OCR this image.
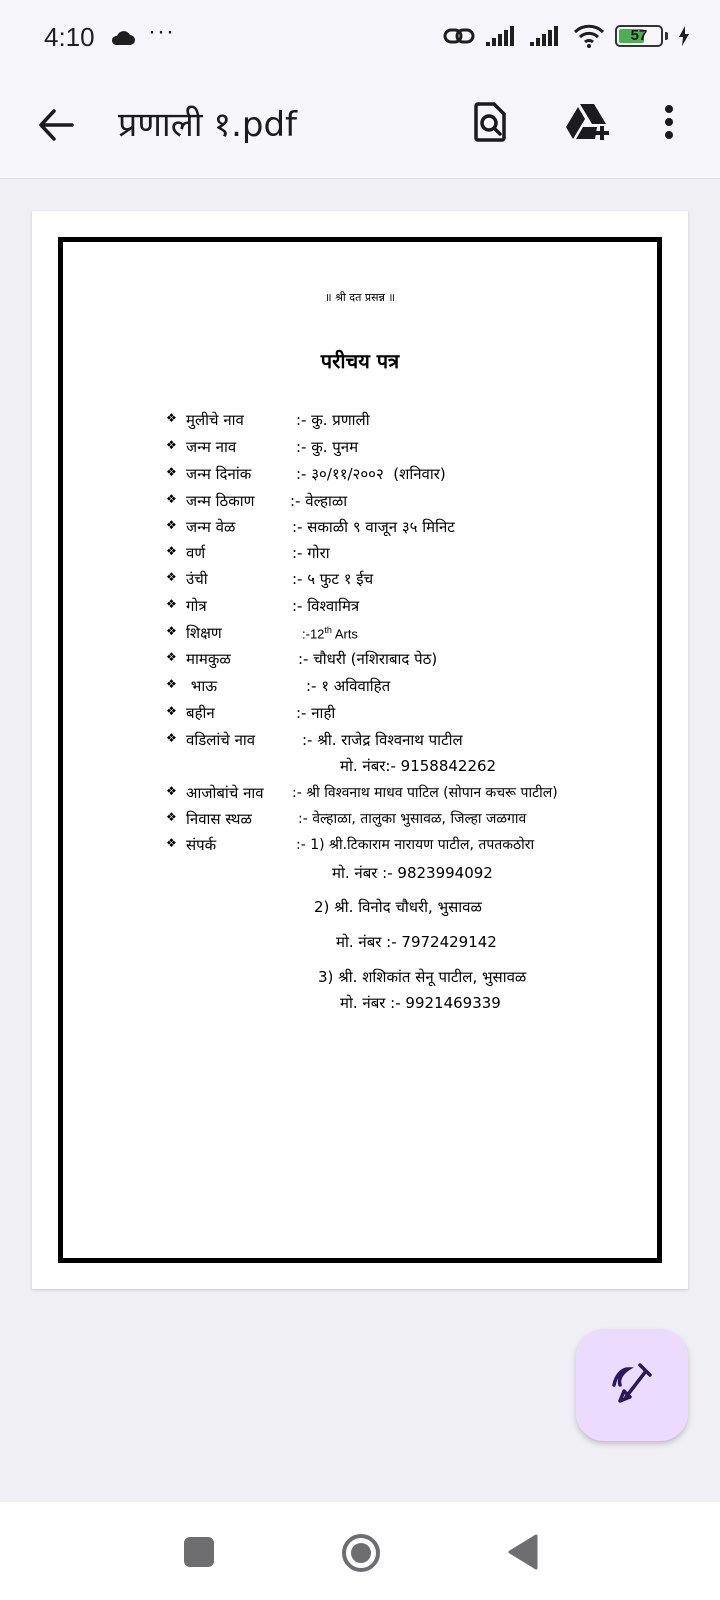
4:10 ···	57
प्रणाली १.pdf
॥ श्री दत प्रसन्न ॥
परीचय पत्र
❖ मुलीचे नाव	:- कु. प्रणाली
❖ जन्म नाव	:- कु. पुनम
❖ जन्म दिनांक	:- ३०/११/२००२  (शनिवार)
❖ जन्म ठिकाण :- वेल्हाळा
❖ जन्म वेळ	:- सकाळी ९ वाजून ३५ मिनिट
❖ वर्ण	:- गोरा
❖ उंची	:- ५ फुट १ ईच
❖ गोत्र	:- विश्वामित्र
❖ शिक्षण	:-12th Arts
❖ मामकुळ	:- चौधरी (नशिराबाद पेठ)
❖ भाऊ	:- १ अविवाहित
❖ बहीन	:- नाही
❖ वडिलांचे नाव	:- श्री. राजेद्र विश्वनाथ पाटील
मो. नंबर:- 9158842262
❖ आजोबांचे नाव :- श्री विश्वनाथ माधव पाटिल (सोपान कचरू पाटील)
❖ निवास स्थळ	:- वेल्हाळा, तालुका भुसावळ, जिल्हा जळगाव
❖ संपर्क	:- 1) श्री.टिकाराम नारायण पाटील, तपतकठोरा
मो. नंबर :- 9823994092
2) श्री. विनोद चौधरी, भुसावळ
मो. नंबर :- 7972429142
3) श्री. शशिकांत सेनू पाटील, भुसावळ
मो. नंबर :- 9921469339
